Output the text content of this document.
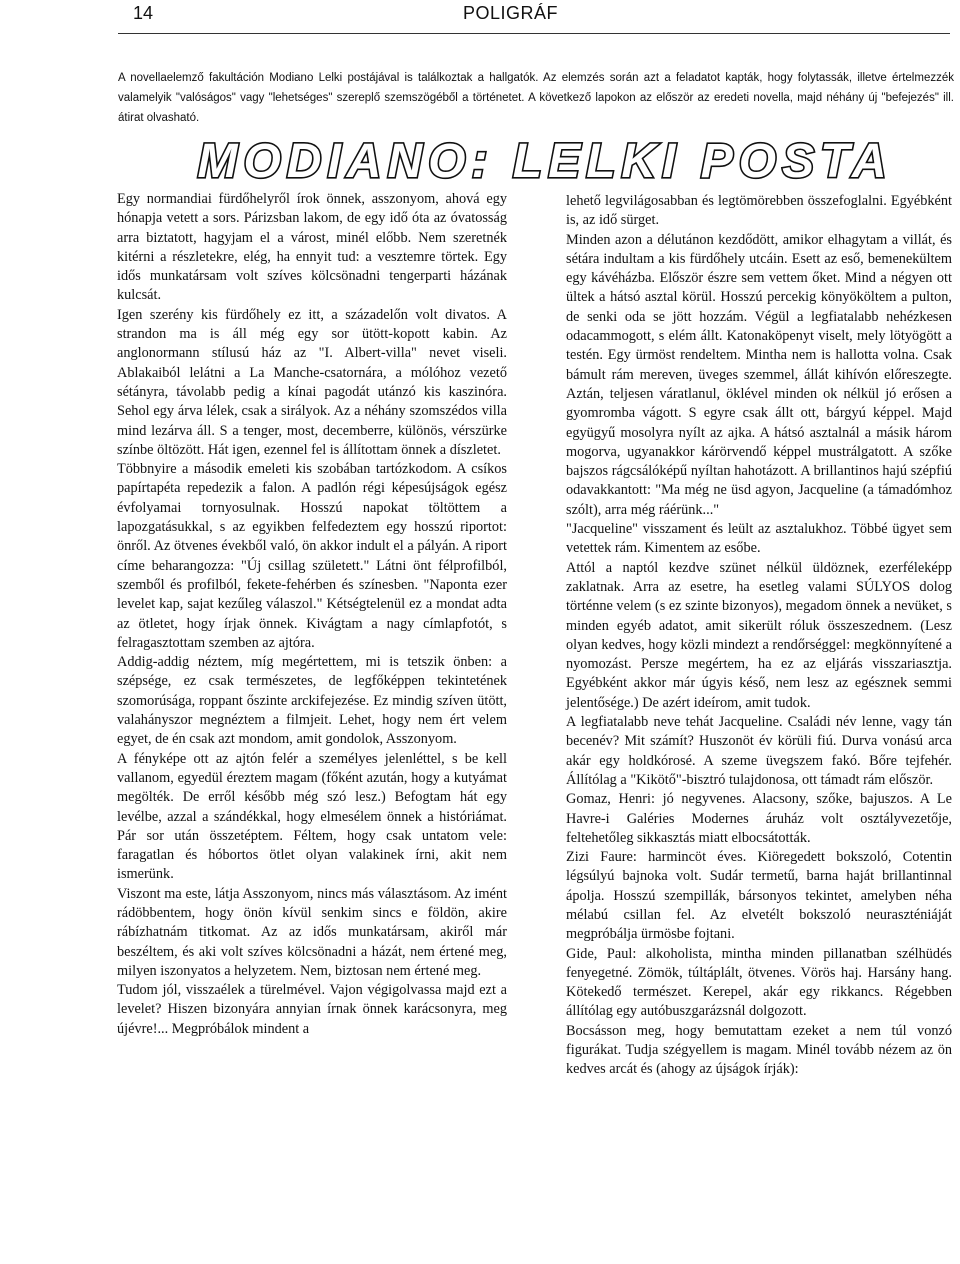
14	POLIGRÁF
A novellaelemző fakultáción Modiano Lelki postájával is találkoztak a hallgatók. Az elemzés során azt a feladatot kapták, hogy folytassák, illetve értelmezzék valamelyik "valóságos" vagy "lehetséges" szereplő szemszögéből a történetet. A következő lapokon az először az eredeti novella, majd néhány új "befejezés" ill. átirat olvasható.
MODIANO: LELKI POSTA

Egy normandiai fürdőhelyről írok önnek, asszonyom, ahová egy hónapja vetett a sors. Párizsban lakom, de egy idő óta az óvatosság arra biztatott, hagyjam el a várost, minél előbb. Nem szeretnék kitérni a részletekre, elég, ha ennyit tud: a vesztemre törtek. Egy idős munkatársam volt szíves kölcsönadni tengerparti házának kulcsát.

Igen szerény kis fürdőhely ez itt, a századelőn volt divatos. A strandon ma is áll még egy sor ütött-kopott kabin. Az anglonormann stílusú ház az "I. Albert-villa" nevet viseli. Ablakaiból lelátni a La Manche-csatornára, a mólóhoz vezető sétányra, távolabb pedig a kínai pagodát utánzó kis kaszinóra. Sehol egy árva lélek, csak a sirályok. Az a néhány szomszédos villa mind lezárva áll. S a tenger, most, decemberre, különös, vérszürke színbe öltözött. Hát igen, ezennel fel is állítottam önnek a díszletet.

Többnyire a második emeleti kis szobában tartózkodom. A csíkos papírtapéta repedezik a falon. A padlón régi képesújságok egész évfolyamai tornyosulnak. Hosszú napokat töltöttem a lapozgatásukkal, s az egyikben felfedeztem egy hosszú riportot: önről. Az ötvenes évekből való, ön akkor indult el a pályán. A riport címe beharangozza: "Új csillag született." Látni önt félprofilból, szemből és profilból, fekete-fehérben és színesben. "Naponta ezer levelet kap, sajat kezűleg válaszol." Kétségtelenül ez a mondat adta az ötletet, hogy írjak önnek. Kivágtam a nagy címlapfotót, s felragasztottam szemben az ajtóra.

Addig-addig néztem, míg megértettem, mi is tetszik önben: a szépsége, ez csak természetes, de legfőképpen tekintetének szomorúsága, roppant őszinte arckifejezése. Ez mindig szíven ütött, valahányszor megnéztem a filmjeit. Lehet, hogy nem ért velem egyet, de én csak azt mondom, amit gondolok, Asszonyom.

A fényképe ott az ajtón felér a személyes jelenléttel, s be kell vallanom, egyedül éreztem magam (főként azután, hogy a kutyámat megölték. De erről később még szó lesz.) Befogtam hát egy levélbe, azzal a szándékkal, hogy elmesélem önnek a históriámat. Pár sor után összetéptem. Féltem, hogy csak untatom vele: faragatlan és hóbortos ötlet olyan valakinek írni, akit nem ismerünk.

Viszont ma este, látja Asszonyom, nincs más választásom. Az imént rádöbbentem, hogy önön kívül senkim sincs e földön, akire rábízhatnám titkomat. Az az idős munkatársam, akiről már beszéltem, és aki volt szíves kölcsönadni a házát, nem értené meg, milyen iszonyatos a helyzetem. Nem, biztosan nem értené meg.

Tudom jól, visszaélek a türelmével. Vajon végigolvassa majd ezt a levelet? Hiszen bizonyára annyian írnak önnek karácsonyra, meg újévre!... Megpróbálok mindent a

lehető legvilágosabban és legtömörebben összefoglalni. Egyébként is, az idő sürget.

Minden azon a délutánon kezdődött, amikor elhagytam a villát, és sétára indultam a kis fürdőhely utcáin. Esett az eső, bemenekültem egy kávéházba. Először észre sem vettem őket. Mind a négyen ott ültek a hátsó asztal körül. Hosszú percekig könyököltem a pulton, de senki oda se jött hozzám. Végül a legfiatalabb nehézkesen odacammogott, s elém állt. Katonaköpenyt viselt, mely lötyögött a testén. Egy ürmöst rendeltem. Mintha nem is hallotta volna. Csak bámult rám mereven, üveges szemmel, állát kihívón előreszegte. Aztán, teljesen váratlanul, öklével minden ok nélkül jó erősen a gyomromba vágott. S egyre csak állt ott, bárgyú képpel. Majd együgyű mosolyra nyílt az ajka. A hátsó asztalnál a másik három mogorva, ugyanakkor kárörvendő képpel mustrálgatott. A szőke bajszos rágcsálóképű nyíltan hahotázott. A brillantinos hajú szépfiú odavakkantott: "Ma még ne üsd agyon, Jacqueline (a támadómhoz szólt), arra még ráérünk..."

"Jacqueline" visszament és leült az asztalukhoz. Többé ügyet sem vetettek rám. Kimentem az esőbe.

Attól a naptól kezdve szünet nélkül üldöznek, ezerféleképp zaklatnak. Arra az esetre, ha esetleg valami SÚLYOS dolog történne velem (s ez szinte bizonyos), megadom önnek a nevüket, s minden egyéb adatot, amit sikerült róluk összeszednem. (Lesz olyan kedves, hogy közli mindezt a rendőrséggel: megkönnyítené a nyomozást. Persze megértem, ha ez az eljárás visszariasztja. Egyébként akkor már úgyis késő, nem lesz az egésznek semmi jelentősége.) De azért ideírom, amit tudok.

A legfiatalabb neve tehát Jacqueline. Családi név lenne, vagy tán becenév? Mit számít? Huszonöt év körüli fiú. Durva vonású arca akár egy holdkórosé. A szeme üvegszem fakó. Bőre tejfehér. Állítólag a "Kikötő"-bisztró tulajdonosa, ott támadt rám először.

Gomaz, Henri: jó negyvenes. Alacsony, szőke, bajuszos. A Le Havre-i Galéries Modernes áruház volt osztályvezetője, feltehetőleg sikkasztás miatt elbocsátották.

Zizi Faure: harmincöt éves. Kiöregedett bokszoló, Cotentin légsúlyú bajnoka volt. Sudár termetű, barna haját brillantinnal ápolja. Hosszú szempillák, bársonyos tekintet, amelyben néha mélabú csillan fel. Az elvetélt bokszoló neuraszténiáját megpróbálja ürmösbe fojtani.

Gide, Paul: alkoholista, mintha minden pillanatban szélhüdés fenyegetné. Zömök, túltáplált, ötvenes. Vörös haj. Harsány hang. Kötekedő természet. Kerepel, akár egy rikkancs. Régebben állítólag egy autóbuszgarázsnál dolgozott.

Bocsásson meg, hogy bemutattam ezeket a nem túl vonzó figurákat. Tudja szégyellem is magam. Minél tovább nézem az ön kedves arcát és (ahogy az újságok írják):
